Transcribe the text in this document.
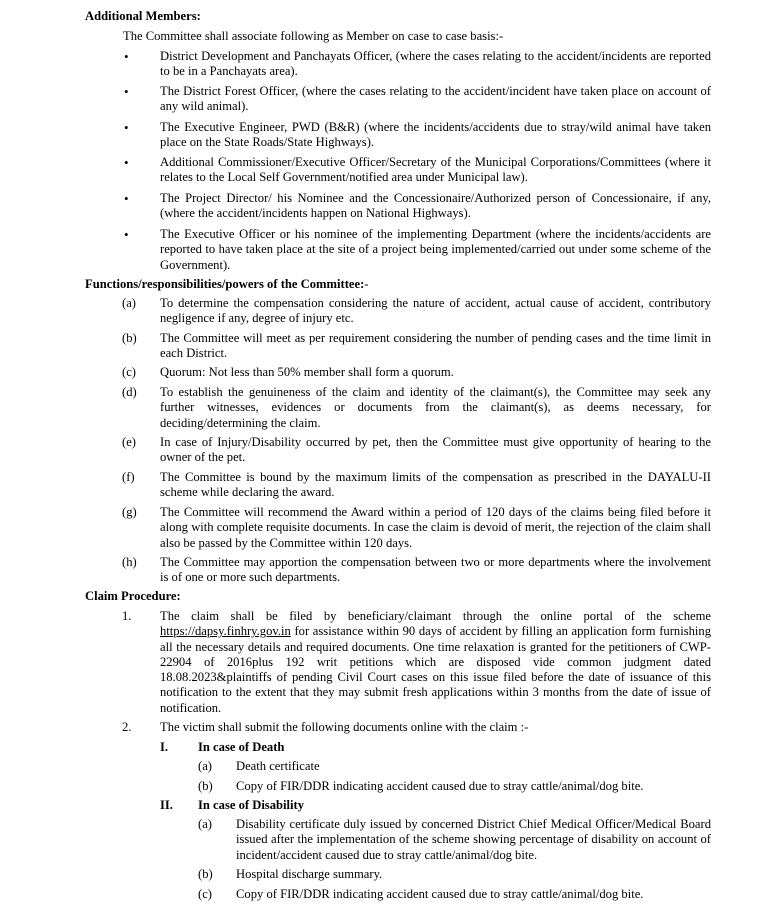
Additional Members:

The Committee shall associate following as Member on case to case basis:-

• District Development and Panchayats Officer, (where the cases relating to the accident/incidents are reported to be in a Panchayats area).
• The District Forest Officer, (where the cases relating to the accident/incident have taken place on account of any wild animal).
• The Executive Engineer, PWD (B&R) (where the incidents/accidents due to stray/wild animal have taken place on the State Roads/State Highways).
• Additional Commissioner/Executive Officer/Secretary of the Municipal Corporations/Committees (where it relates to the Local Self Government/notified area under Municipal law).
• The Project Director/ his Nominee and the Concessionaire/Authorized person of Concessionaire, if any, (where the accident/incidents happen on National Highways).
• The Executive Officer or his nominee of the implementing Department (where the incidents/accidents are reported to have taken place at the site of a project being implemented/carried out under some scheme of the Government).

Functions/responsibilities/powers of the Committee:-

(a) To determine the compensation considering the nature of accident, actual cause of accident, contributory negligence if any, degree of injury etc.
(b) The Committee will meet as per requirement considering the number of pending cases and the time limit in each District.
(c) Quorum: Not less than 50% member shall form a quorum.
(d) To establish the genuineness of the claim and identity of the claimant(s), the Committee may seek any further witnesses, evidences or documents from the claimant(s), as deems necessary, for deciding/determining the claim.
(e) In case of Injury/Disability occurred by pet, then the Committee must give opportunity of hearing to the owner of the pet.
(f) The Committee is bound by the maximum limits of the compensation as prescribed in the DAYALU-II scheme while declaring the award.
(g) The Committee will recommend the Award within a period of 120 days of the claims being filed before it along with complete requisite documents. In case the claim is devoid of merit, the rejection of the claim shall also be passed by the Committee within 120 days.
(h) The Committee may apportion the compensation between two or more departments where the involvement is of one or more such departments.

Claim Procedure:

1. The claim shall be filed by beneficiary/claimant through the online portal of the scheme https://dapsy.finhry.gov.in for assistance within 90 days of accident by filling an application form furnishing all the necessary details and required documents. One time relaxation is granted for the petitioners of CWP-22904 of 2016plus 192 writ petitions which are disposed vide common judgment dated 18.08.2023&plaintiffs of pending Civil Court cases on this issue filed before the date of issuance of this notification to the extent that they may submit fresh applications within 3 months from the date of issue of notification.
2. The victim shall submit the following documents online with the claim :-
I. In case of Death
(a) Death certificate
(b) Copy of FIR/DDR indicating accident caused due to stray cattle/animal/dog bite.
II. In case of Disability
(a) Disability certificate duly issued by concerned District Chief Medical Officer/Medical Board issued after the implementation of the scheme showing percentage of disability on account of incident/accident caused due to stray cattle/animal/dog bite.
(b) Hospital discharge summary.
(c) Copy of FIR/DDR indicating accident caused due to stray cattle/animal/dog bite.
